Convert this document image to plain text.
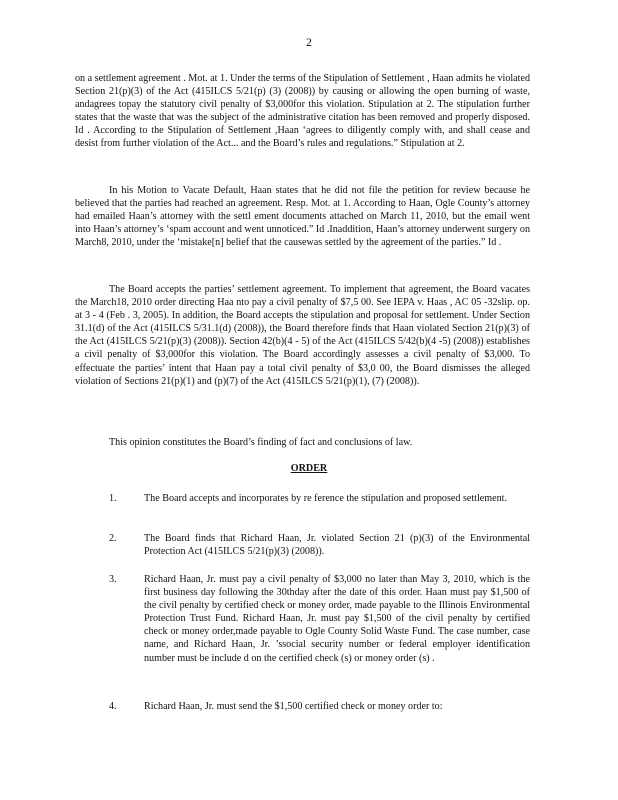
2

on a settlement agreement . Mot. at 1. Under the terms of the Stipulation of Settlement , Haan admits he violated Section 21(p)(3) of the Act (415ILCS 5/21(p) (3) (2008)) by causing or allowing the open burning of waste, andagrees topay the statutory civil penalty of $3,000for this violation. Stipulation at 2. The stipulation further states that the waste that was the subject of the administrative citation has been removed and properly disposed. Id . According to the Stipulation of Settlement ,Haan ‘agrees to diligently comply with, and shall cease and desist from further violation of the Act... and the Board’s rules and regulations.” Stipulation at 2.

In his Motion to Vacate Default, Haan states that he did not file the petition for review because he believed that the parties had reached an agreement. Resp. Mot. at 1. According to Haan, Ogle County’s attorney had emailed Haan’s attorney with the settl ement documents attached on March 11, 2010, but the email went into Haan’s attorney’s ‘spam account and went unnoticed.” Id .Inaddition, Haan’s attorney underwent surgery on March8, 2010, under the ‘mistake[n] belief that the causewas settled by the agreement of the parties.” Id .

The Board accepts the parties’ settlement agreement. To implement that agreement, the Board vacates the March18, 2010 order directing Haa nto pay a civil penalty of $7,5 00. See IEPA v. Haas , AC 05 -32slip. op. at 3 - 4 (Feb . 3, 2005). In addition, the Board accepts the stipulation and proposal for settlement. Under Section 31.1(d) of the Act (415ILCS 5/31.1(d) (2008)), the Board therefore finds that Haan violated Section 21(p)(3) of the Act (415ILCS 5/21(p)(3) (2008)). Section 42(b)(4 - 5) of the Act (415ILCS 5/42(b)(4 -5) (2008)) establishes a civil penalty of $3,000for this violation. The Board accordingly assesses a civil penalty of $3,000. To effectuate the parties’ intent that Haan pay a total civil penalty of $3,0 00, the Board dismisses the alleged violation of Sections 21(p)(1) and (p)(7) of the Act (415ILCS 5/21(p)(1), (7) (2008)).

This opinion constitutes the Board’s finding of fact and conclusions of law.
ORDER
1.	The Board accepts and incorporates by re ference the stipulation and proposed settlement.
2.	The Board finds that Richard Haan, Jr. violated Section 21 (p)(3) of the Environmental Protection Act (415ILCS 5/21(p)(3) (2008)).
3.	Richard Haan, Jr. must pay a civil penalty of $3,000 no later than May 3, 2010, which is the first business day following the 30thday after the date of this order. Haan must pay $1,500 of the civil penalty by certified check or money order, made payable to the Illinois Environmental Protection Trust Fund. Richard Haan, Jr. must pay $1,500 of the civil penalty by certified check or money order,made payable to Ogle County Solid Waste Fund. The case number, case name, and Richard Haan, Jr. ’ssocial security number or federal employer identification number must be include d on the certified check (s) or money order (s) .
4.	Richard Haan, Jr. must send the $1,500 certified check or money order to:
